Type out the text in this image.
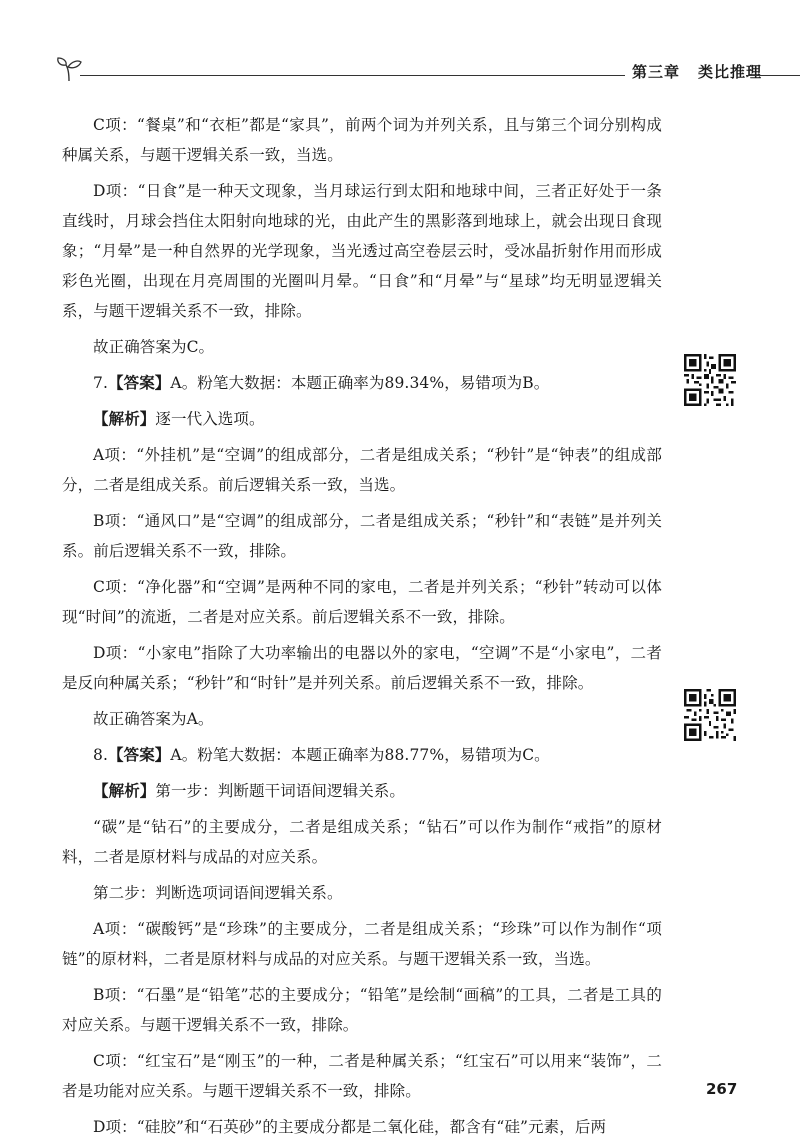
第三章 类比推理

C项：“餐桌”和“衣柜”都是“家具”，前两个词为并列关系，且与第三个词分别构成种属关系，与题干逻辑关系一致，当选。

D项：“日食”是一种天文现象，当月球运行到太阳和地球中间，三者正好处于一条直线时，月球会挡住太阳射向地球的光，由此产生的黑影落到地球上，就会出现日食现象；“月晕”是一种自然界的光学现象，当光透过高空卷层云时，受冰晶折射作用而形成彩色光圈，出现在月亮周围的光圈叫月晕。“日食”和“月晕”与“星球”均无明显逻辑关系，与题干逻辑关系不一致，排除。

故正确答案为C。

7.【答案】A。粉笔大数据：本题正确率为89.34%，易错项为B。

【解析】逐一代入选项。

A项：“外挂机”是“空调”的组成部分，二者是组成关系；“秒针”是“钟表”的组成部分，二者是组成关系。前后逻辑关系一致，当选。

B项：“通风口”是“空调”的组成部分，二者是组成关系；“秒针”和“表链”是并列关系。前后逻辑关系不一致，排除。

C项：“净化器”和“空调”是两种不同的家电，二者是并列关系；“秒针”转动可以体现“时间”的流逝，二者是对应关系。前后逻辑关系不一致，排除。

D项：“小家电”指除了大功率输出的电器以外的家电，“空调”不是“小家电”，二者是反向种属关系；“秒针”和“时针”是并列关系。前后逻辑关系不一致，排除。

故正确答案为A。

8.【答案】A。粉笔大数据：本题正确率为88.77%，易错项为C。

【解析】第一步：判断题干词语间逻辑关系。

“碳”是“钻石”的主要成分，二者是组成关系；“钻石”可以作为制作“戒指”的原材料，二者是原材料与成品的对应关系。

第二步：判断选项词语间逻辑关系。

A项：“碳酸钙”是“珍珠”的主要成分，二者是组成关系；“珍珠”可以作为制作“项链”的原材料，二者是原材料与成品的对应关系。与题干逻辑关系一致，当选。

B项：“石墨”是“铅笔”芯的主要成分；“铅笔”是绘制“画稿”的工具，二者是工具的对应关系。与题干逻辑关系不一致，排除。

C项：“红宝石”是“刚玉”的一种，二者是种属关系；“红宝石”可以用来“装饰”，二者是功能对应关系。与题干逻辑关系不一致，排除。

D项：“硅胶”和“石英砂”的主要成分都是二氧化硅，都含有“硅”元素，后两

267
